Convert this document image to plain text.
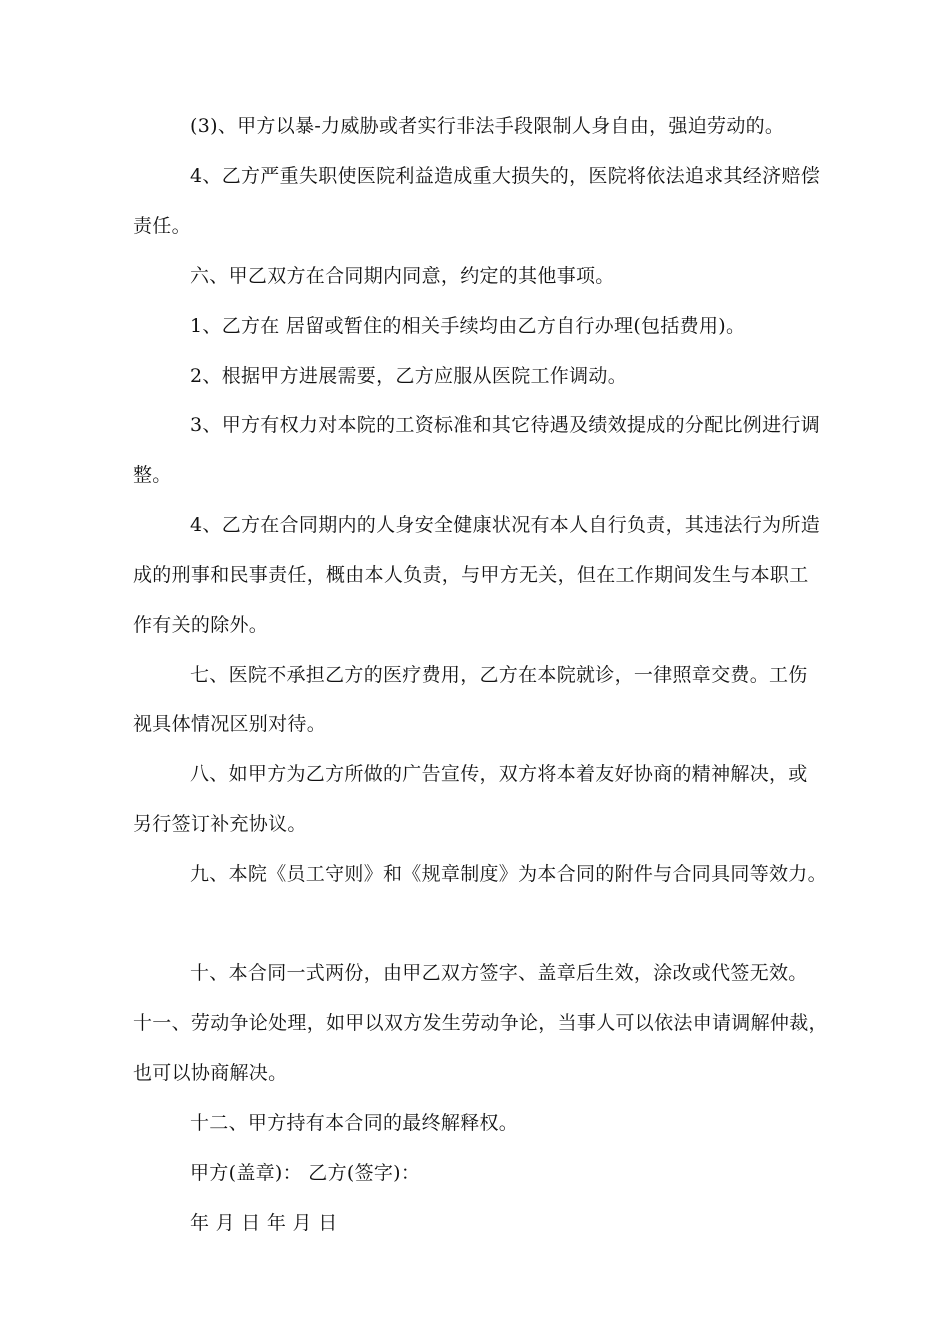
(3)、甲方以暴-力威胁或者实行非法手段限制人身自由，强迫劳动的。
4、乙方严重失职使医院利益造成重大损失的，医院将依法追求其经济赔偿
责任。
六、甲乙双方在合同期内同意，约定的其他事项。
1、乙方在 居留或暂住的相关手续均由乙方自行办理(包括费用)。
2、根据甲方进展需要，乙方应服从医院工作调动。
3、甲方有权力对本院的工资标准和其它待遇及绩效提成的分配比例进行调
整。
4、乙方在合同期内的人身安全健康状况有本人自行负责，其违法行为所造
成的刑事和民事责任，概由本人负责，与甲方无关，但在工作期间发生与本职工
作有关的除外。
七、医院不承担乙方的医疗费用，乙方在本院就诊，一律照章交费。工伤
视具体情况区别对待。
八、如甲方为乙方所做的广告宣传，双方将本着友好协商的精神解决，或
另行签订补充协议。
九、本院《员工守则》和《规章制度》为本合同的附件与合同具同等效力。
十、本合同一式两份，由甲乙双方签字、盖章后生效，涂改或代签无效。
十一、劳动争论处理，如甲以双方发生劳动争论，当事人可以依法申请调解仲裁，
也可以协商解决。
十二、甲方持有本合同的最终解释权。
甲方(盖章)： 乙方(签字)：
年 月 日 年 月 日
